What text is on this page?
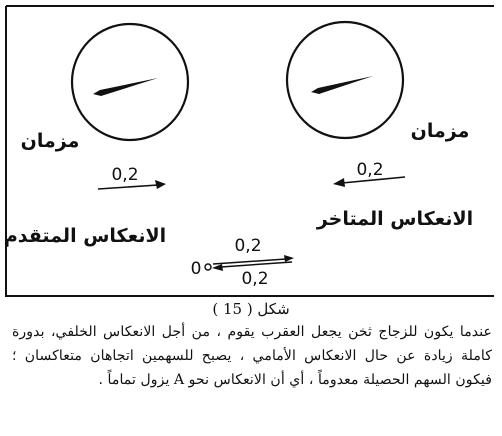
مزمان
0,2
الانعكاس المتقدم
مزمان
0,2
الانعكاس المتاخر
0
0,2
0,2
شكل ( 15 )
عندما يكون للزجاج ثخن يجعل العقرب يقوم ، من أجل الانعكاس الخلفي، بدورة كاملة زيادة عن حال الانعكاس الأمامي ، يصبح للسهمين اتجاهان متعاكسان ؛ فيكون السهم الحصيلة معدوماً ، أي أن الانعكاس نحو A يزول تماماً .
